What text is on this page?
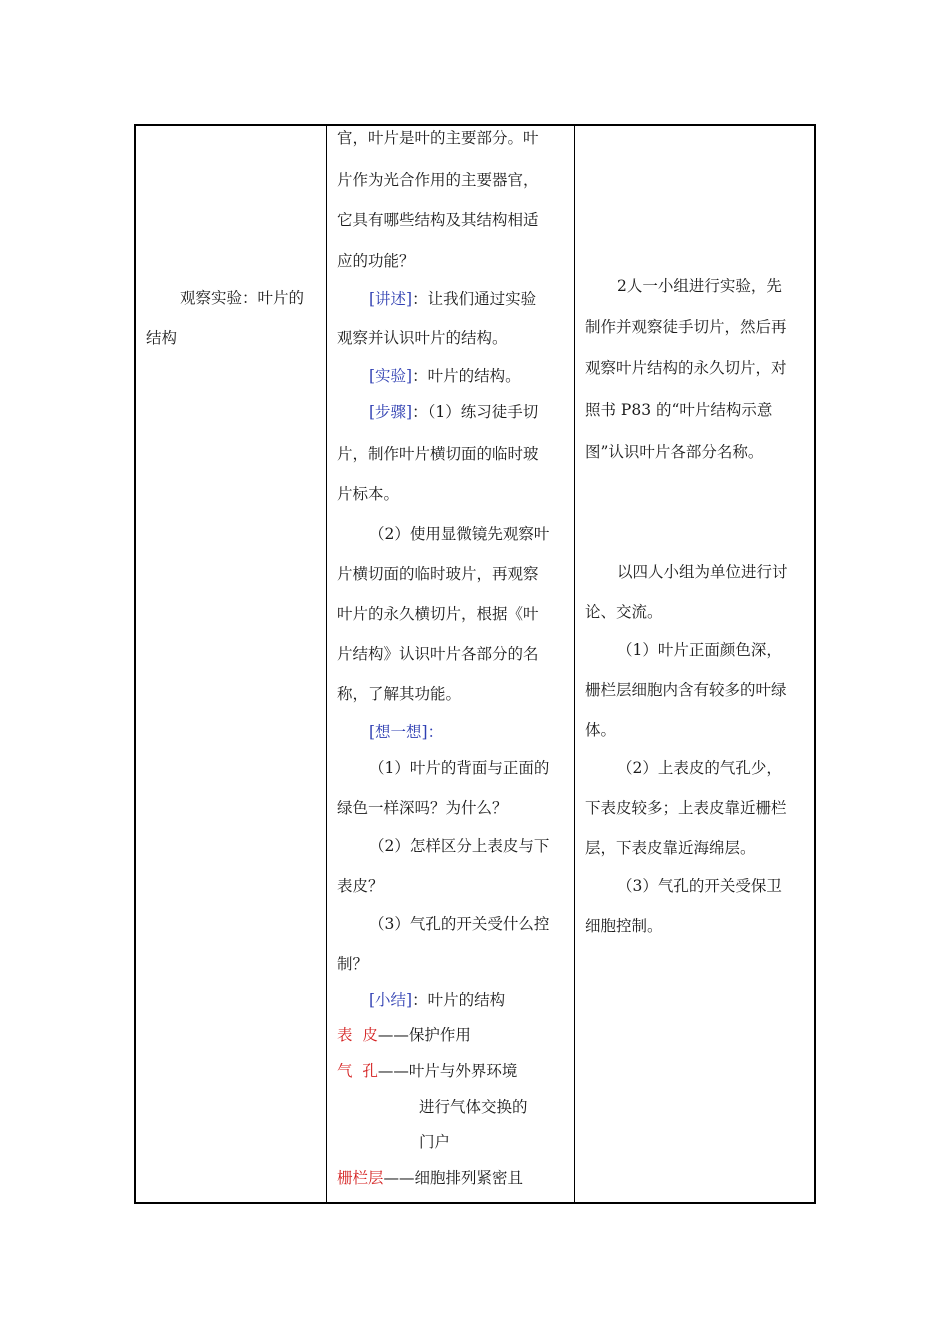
观察实验：叶片的
结构
官，叶片是叶的主要部分。叶
片作为光合作用的主要器官，
它具有哪些结构及其结构相适
应的功能？
[讲述]：让我们通过实验
观察并认识叶片的结构。
[实验]：叶片的结构。
[步骤]：（1）练习徒手切
片，制作叶片横切面的临时玻
片标本。
（2）使用显微镜先观察叶
片横切面的临时玻片，再观察
叶片的永久横切片，根据《叶
片结构》认识叶片各部分的名
称，了解其功能。
[想一想]：
（1）叶片的背面与正面的
绿色一样深吗？为什么？
（2）怎样区分上表皮与下
表皮？
（3）气孔的开关受什么控
制？
[小结]：叶片的结构
表  皮——保护作用
气  孔——叶片与外界环境
进行气体交换的
门户
栅栏层——细胞排列紧密且
2人一小组进行实验，先
制作并观察徒手切片，然后再
观察叶片结构的永久切片，对
照书 P83 的“叶片结构示意
图”认识叶片各部分名称。
以四人小组为单位进行讨
论、交流。
（1）叶片正面颜色深，
栅栏层细胞内含有较多的叶绿
体。
（2）上表皮的气孔少，
下表皮较多；上表皮靠近栅栏
层，下表皮靠近海绵层。
（3）气孔的开关受保卫
细胞控制。
